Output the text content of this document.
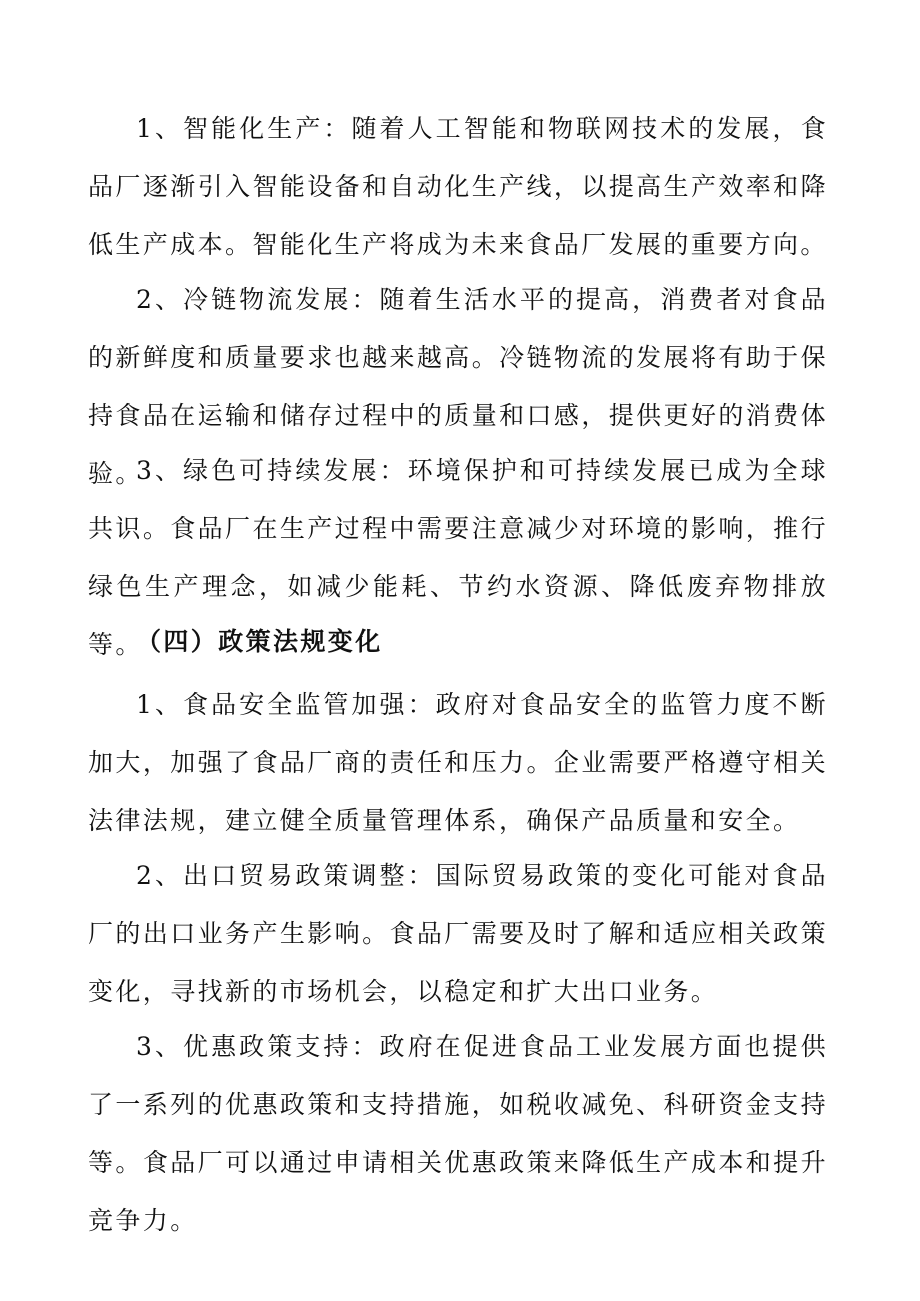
1、智能化生产：随着人工智能和物联网技术的发展，食品厂逐渐引入智能设备和自动化生产线，以提高生产效率和降低生产成本。智能化生产将成为未来食品厂发展的重要方向。

2、冷链物流发展：随着生活水平的提高，消费者对食品的新鲜度和质量要求也越来越高。冷链物流的发展将有助于保持食品在运输和储存过程中的质量和口感，提供更好的消费体验。

3、绿色可持续发展：环境保护和可持续发展已成为全球共识。食品厂在生产过程中需要注意减少对环境的影响，推行绿色生产理念，如减少能耗、节约水资源、降低废弃物排放等。

（四）政策法规变化

1、食品安全监管加强：政府对食品安全的监管力度不断加大，加强了食品厂商的责任和压力。企业需要严格遵守相关法律法规，建立健全质量管理体系，确保产品质量和安全。

2、出口贸易政策调整：国际贸易政策的变化可能对食品厂的出口业务产生影响。食品厂需要及时了解和适应相关政策变化，寻找新的市场机会，以稳定和扩大出口业务。

3、优惠政策支持：政府在促进食品工业发展方面也提供了一系列的优惠政策和支持措施，如税收减免、科研资金支持等。食品厂可以通过申请相关优惠政策来降低生产成本和提升竞争力。
